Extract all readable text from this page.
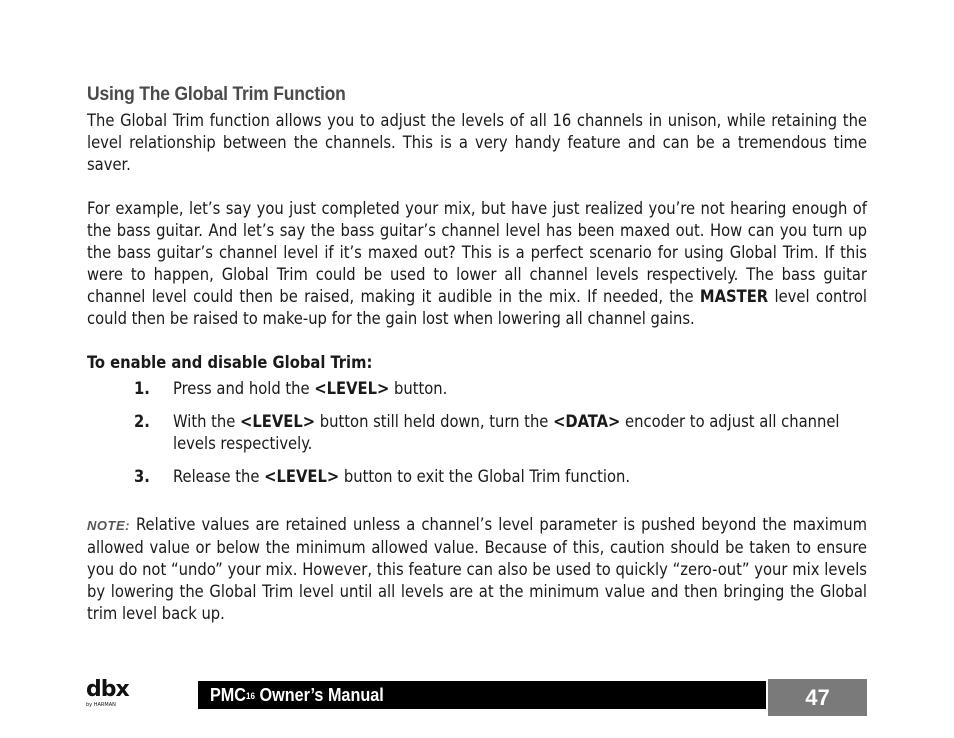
Using The Global Trim Function

The Global Trim function allows you to adjust the levels of all 16 channels in unison, while retaining the level relationship between the channels. This is a very handy feature and can be a tremendous time saver.

For example, let’s say you just completed your mix, but have just realized you’re not hearing enough of the bass guitar. And let’s say the bass guitar’s channel level has been maxed out. How can you turn up the bass guitar’s channel level if it’s maxed out? This is a perfect scenario for using Global Trim. If this were to happen, Global Trim could be used to lower all channel levels respectively. The bass guitar channel level could then be raised, making it audible in the mix. If needed, the MASTER level control could then be raised to make-up for the gain lost when lowering all channel gains.

To enable and disable Global Trim:
1. Press and hold the <LEVEL> button.
2. With the <LEVEL> button still held down, turn the <DATA> encoder to adjust all channel levels respectively.
3. Release the <LEVEL> button to exit the Global Trim function.

NOTE: Relative values are retained unless a channel’s level parameter is pushed beyond the maximum allowed value or below the minimum allowed value. Because of this, caution should be taken to ensure you do not “undo” your mix. However, this feature can also be used to quickly “zero-out” your mix levels by lowering the Global Trim level until all levels are at the minimum value and then bringing the Global trim level back up.

dbx
by HARMAN	PMC$^{16}$ Owner’s Manual	47
